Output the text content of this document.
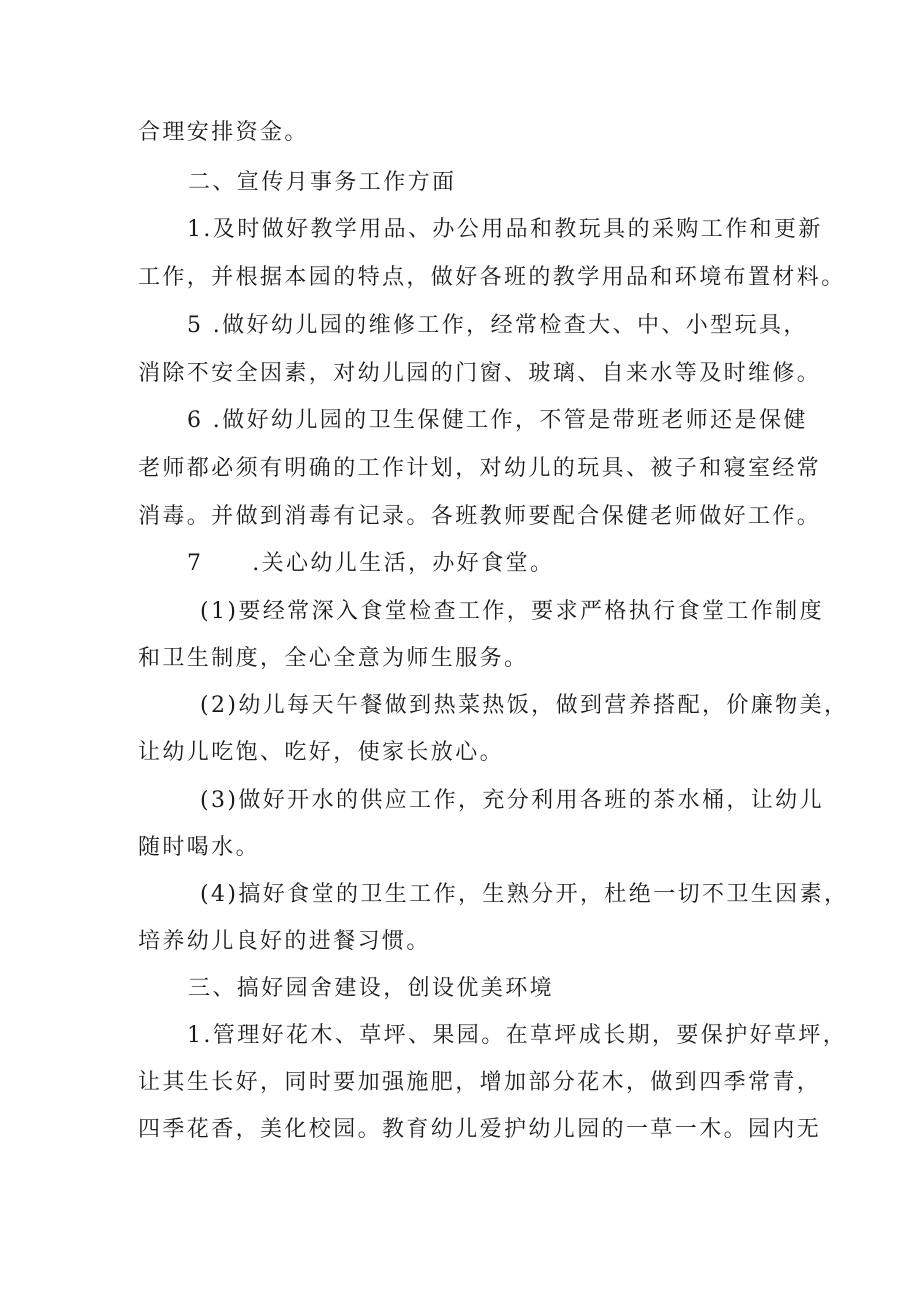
合理安排资金。
二、宣传月事务工作方面
1.及时做好教学用品、办公用品和教玩具的采购工作和更新
工作，并根据本园的特点，做好各班的教学用品和环境布置材料。
5 .做好幼儿园的维修工作，经常检查大、中、小型玩具，
消除不安全因素，对幼儿园的门窗、玻璃、自来水等及时维修。
6 .做好幼儿园的卫生保健工作，不管是带班老师还是保健
老师都必须有明确的工作计划，对幼儿的玩具、被子和寝室经常
消毒。并做到消毒有记录。各班教师要配合保健老师做好工作。
7　　.关心幼儿生活，办好食堂。
(1)要经常深入食堂检查工作，要求严格执行食堂工作制度
和卫生制度，全心全意为师生服务。
(2)幼儿每天午餐做到热菜热饭，做到营养搭配，价廉物美，
让幼儿吃饱、吃好，使家长放心。
(3)做好开水的供应工作，充分利用各班的茶水桶，让幼儿
随时喝水。
(4)搞好食堂的卫生工作，生熟分开，杜绝一切不卫生因素，
培养幼儿良好的进餐习惯。
三、搞好园舍建设，创设优美环境
1.管理好花木、草坪、果园。在草坪成长期，要保护好草坪，
让其生长好，同时要加强施肥，增加部分花木，做到四季常青，
四季花香，美化校园。教育幼儿爱护幼儿园的一草一木。园内无
